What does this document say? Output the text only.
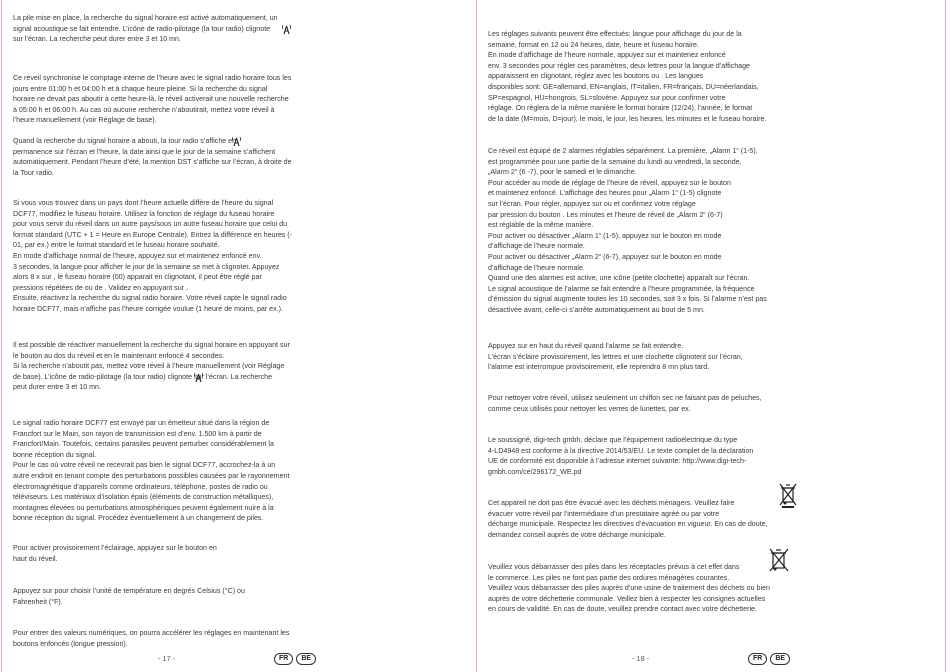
La pile mise en place, la recherche du signal horaire est activé automatiquement, un
signal acoustique se fait entendre. L’icône de radio-pilotage (la tour radio) clignote
sur l’écran. La recherche peut durer entre 3 et 10 mn.

Ce réveil synchronise le comptage interne de l’heure avec le signal radio horaire tous les
jours entre 01:00 h et 04:00 h et à chaque heure pleine. Si la recherche du signal
horaire ne devait pas aboutir à cette heure-là, le réveil activerait une nouvelle recherche
à 05:00 h et 06:00 h. Au cas où aucune recherche n’aboutirait, mettez votre réveil à
l’heure manuellement (voir Réglage de base).

Quand la recherche du signal horaire a abouti, la tour radio s’affiche en
permanence sur l’écran et l’heure, la date ainsi que le jour de la semaine s’affichent
automatiquement. Pendant l’heure d’été, la mention DST s’affiche sur l’écran, à droite de
la Tour radio.

Si vous vous trouvez dans un pays dont l’heure actuelle diffère de l’heure du signal
DCF77, modifiez le fuseau horaire. Utilisez la fonction de réglage du fuseau horaire
pour vous servir du réveil dans un autre pays/sous un autre fuseau horaire que celui du
format standard (UTC + 1 = Heure en Europe Centrale). Entrez la différence en heures (-
01, par ex.) entre le format standard et le fuseau horaire souhaité.
En mode d’affichage normal de l’heure, appuyez sur et maintenez enfoncé env.
3 secondes, la langue pour afficher le jour de la semaine se met à clignoter. Appuyez
alors 8 x sur , le fuseau horaire (00) apparait en clignotant, il peut être réglé par
pressions répétées de ou de . Validez en appuyant sur .
Ensuite, réactivez la recherche du signal radio horaire. Votre réveil capte le signal radio
horaire DCF77, mais n’affiche pas l’heure corrigée voulue (1 heure de moins, par ex.).

Il est possible de réactiver manuellement la recherche du signal horaire en appuyant sur
le bouton au dos du réveil et en le maintenant enfoncé 4 secondes.
Si la recherche n’aboutit pas, mettez votre réveil à l’heure manuellement (voir Réglage
de base). L’icône de radio-pilotage (la tour radio) clignote sur l’écran. La recherche
peut durer entre 3 et 10 mn.

Le signal radio horaire DCF77 est envoyé par un émetteur situé dans la région de
Francfort sur le Main, son rayon de transmission est d’env. 1.500 km à partir de
Francfort/Main. Toutefois, certains parasites peuvent perturber considérablement la
bonne réception du signal.
Pour le cas où votre réveil ne recevrait pas bien le signal DCF77, accrochez-la à un
autre endroit en tenant compte des perturbations possibles causées par le rayonnement
électromagnétique d’appareils comme ordinateurs, téléphone, postes de radio ou
téléviseurs. Les matériaux d’isolation épais (éléments de construction métalliques),
montagnes élevées ou perturbations atmosphériques peuvent également nuire à la
bonne réception du signal. Procédez éventuellement à un changement de piles.

Pour activer provisoirement l’éclairage, appuyez sur le bouton en
haut du réveil.

Appuyez sur pour choisir l’unité de température en degrés Celsius (°C) ou
Fahrenheit (°F).

Pour entrer des valeurs numériques, on pourra accélérer les réglages en maintenant les
boutons enfoncés (longue pression).

- 17 -	FR	BE

Les réglages suivants peuvent être effectués: langue pour affichage du jour de la
semaine, format en 12 ou 24 heures, date, heure et fuseau horaire.
En mode d’affichage de l’heure normale, appuyez sur et maintenez enfoncé
env. 3 secondes pour régler ces paramètres, deux lettres pour la langue d’affichage
apparaissent en clignotant, réglez avec les boutons ou . Les langues
disponibles sont: GE=allemand, EN=anglais, IT=italien, FR=français, DU=néerlandais,
SP=espagnol, HU=hongrois, SL=slovène. Appuyez sur pour confirmer votre
réglage. On règlera de la même manière le format horaire (12/24), l’année, le format
de la date (M=mois, D=jour), le mois, le jour, les heures, les minutes et le fuseau horaire.

Ce réveil est équipé de 2 alarmes réglables séparément. La première, „Alarm 1“ (1-5),
est programmée pour une partie de la semaine du lundi au vendredi, la seconde,
„Alarm 2“ (6 -7), pour le samedi et le dimanche.
Pour accéder au mode de réglage de l’heure de réveil, appuyez sur le bouton
et maintenez enfoncé. L’affichage des heures pour „Alarm 1“ (1-5) clignote
sur l’écran. Pour régler, appuyez sur ou et confirmez votre réglage
par pression du bouton . Les minutes et l’heure de réveil de „Alarm 2“ (6-7)
est réglable de la même manière.
Pour activer ou désactiver „Alarm 1“ (1-5), appuyez sur le bouton en mode
d’affichage de l’heure normale.
Pour activer ou désactiver „Alarm 2“ (6-7), appuyez sur le bouton en mode
d’affichage de l’heure normale.
Quand une des alarmes est active, une icône (petite clochette) apparaît sur l’écran.
Le signal acoustique de l’alarme se fait entendre à l’heure programmée, la fréquence
d’émission du signal augmente toutes les 10 secondes, soit 3 x fois. Si l’alarme n’est pas
désactivée avant, celle-ci s’arrête automatiquement au bout de 5 mn.

Appuyez sur en haut du réveil quand l’alarme se fait entendre.
L’écran s’éclaire provisoirement, les lettres et une clochette clignotent sur l’écran,
l’alarme est interrompue provisoirement, elle reprendra 8 mn plus tard.

Pour nettoyer votre réveil, utilisez seulement un chiffon sec ne faisant pas de peluches,
comme ceux utilisés pour nettoyer les verres de lunettes, par ex.

Le soussigné, digi-tech gmbh, déclare que l’équipement radioélectrique du type
4-LD4948 est conforme à la directive 2014/53/EU. Le texte complet de la déclaration
UE de conformité est disponible à l’adresse internet suivante: http://www.digi-tech-
gmbh.com/ce/296172_WE.pd

Cet appareil ne doit pas être évacué avec les déchets ménagers. Veuillez faire
évacuer votre réveil par l’intermédiaire d’un prestataire agréé ou par votre
décharge municipale. Respectez les directives d’évacuation en vigueur. En cas de doute,
demandez conseil auprès de votre décharge municipale.

Veuillez vous débarrasser des piles dans les réceptacles prévus à cet effet dans
le commerce. Les piles ne font pas partie des ordures ménagères courantes.
Veuillez vous débarrasser des piles auprès d’une usine de traitement des déchets ou bien
auprès de votre déchetterie communale. Veillez bien à respecter les consignes actuelles
en cours de validité. En cas de doute, veuillez prendre contact avec votre déchetterie.

- 18 -	FR	BE
